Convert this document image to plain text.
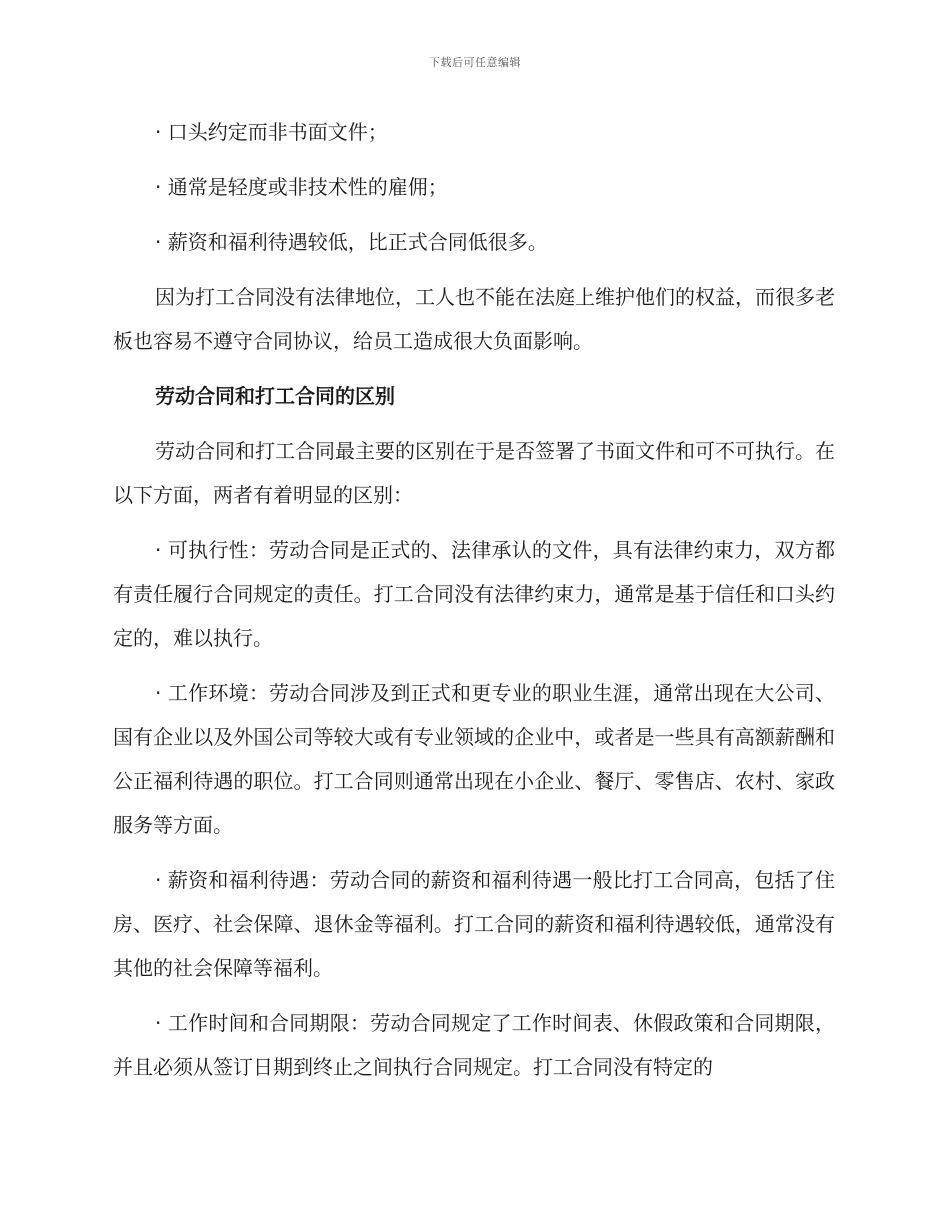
下载后可任意编辑

· 口头约定而非书面文件；

· 通常是轻度或非技术性的雇佣；

· 薪资和福利待遇较低，比正式合同低很多。

因为打工合同没有法律地位，工人也不能在法庭上维护他们的权益，而很多老板也容易不遵守合同协议，给员工造成很大负面影响。

劳动合同和打工合同的区别

劳动合同和打工合同最主要的区别在于是否签署了书面文件和可不可执行。在以下方面，两者有着明显的区别：

· 可执行性：劳动合同是正式的、法律承认的文件，具有法律约束力，双方都有责任履行合同规定的责任。打工合同没有法律约束力，通常是基于信任和口头约定的，难以执行。

· 工作环境：劳动合同涉及到正式和更专业的职业生涯，通常出现在大公司、国有企业以及外国公司等较大或有专业领域的企业中，或者是一些具有高额薪酬和公正福利待遇的职位。打工合同则通常出现在小企业、餐厅、零售店、农村、家政服务等方面。

· 薪资和福利待遇：劳动合同的薪资和福利待遇一般比打工合同高，包括了住房、医疗、社会保障、退休金等福利。打工合同的薪资和福利待遇较低，通常没有其他的社会保障等福利。

· 工作时间和合同期限：劳动合同规定了工作时间表、休假政策和合同期限，并且必须从签订日期到终止之间执行合同规定。打工合同没有特定的
